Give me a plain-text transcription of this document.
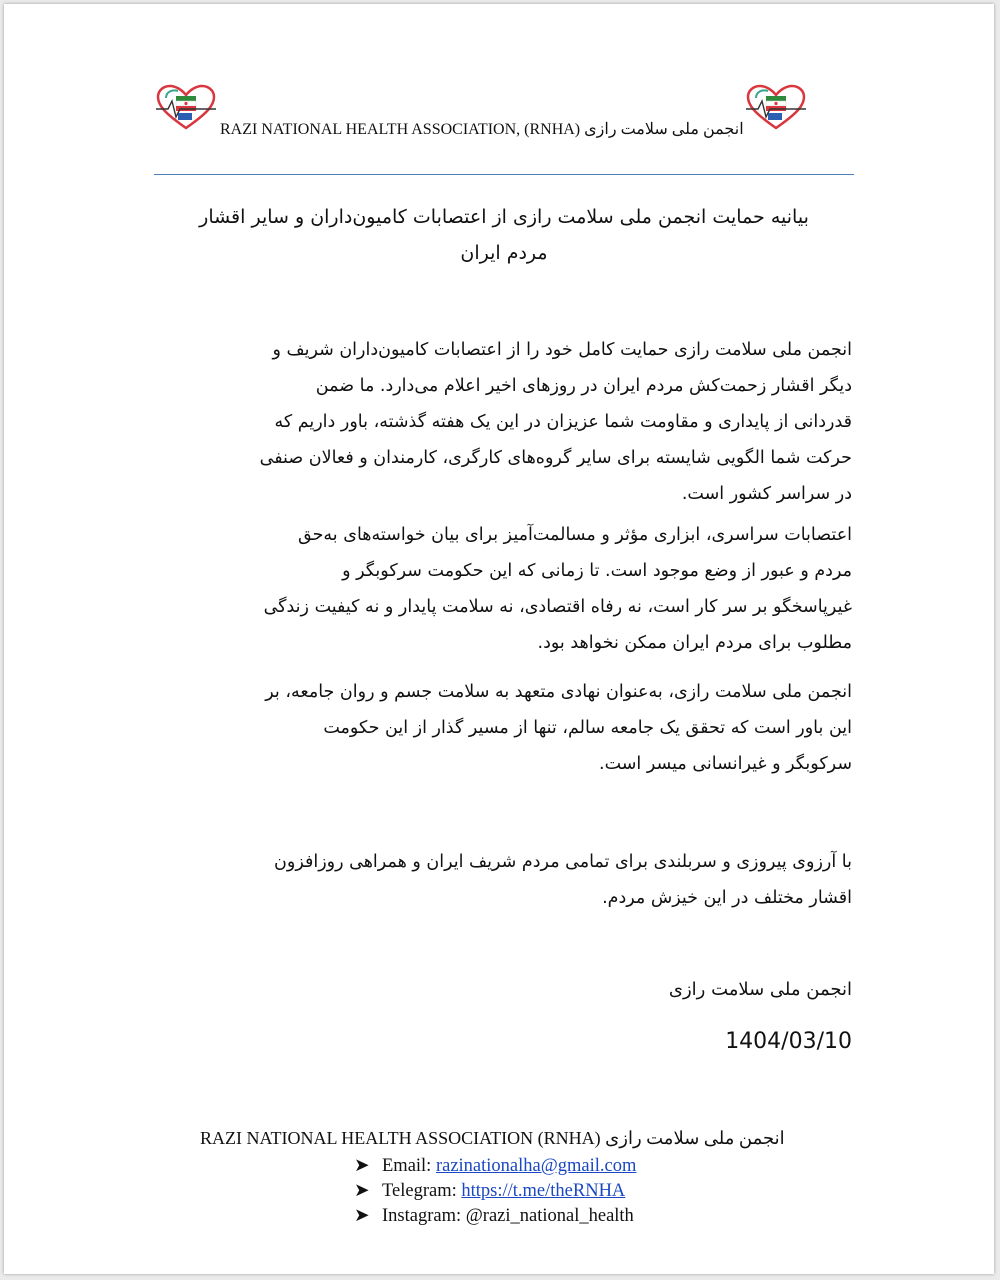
RAZI NATIONAL HEALTH ASSOCIATION, (RNHA) انجمن ملی سلامت رازی
بیانیه حمایت انجمن ملی سلامت رازی از اعتصابات کامیون‌داران و سایر اقشار
مردم ایران
انجمن ملی سلامت رازی حمایت کامل خود را از اعتصابات کامیون‌داران شریف و
دیگر اقشار زحمت‌کش مردم ایران در روزهای اخیر اعلام می‌دارد. ما ضمن
قدردانی از پایداری و مقاومت شما عزیزان در این یک هفته گذشته، باور داریم که
حرکت شما الگویی شایسته برای سایر گروه‌های کارگری، کارمندان و فعالان صنفی
در سراسر کشور است.
اعتصابات سراسری، ابزاری مؤثر و مسالمت‌آمیز برای بیان خواسته‌های به‌حق
مردم و عبور از وضع موجود است. تا زمانی که این حکومت سرکوبگر و
غیرپاسخگو بر سر کار است، نه رفاه اقتصادی، نه سلامت پایدار و نه کیفیت زندگی
مطلوب برای مردم ایران ممکن نخواهد بود.
انجمن ملی سلامت رازی، به‌عنوان نهادی متعهد به سلامت جسم و روان جامعه، بر
این باور است که تحقق یک جامعه سالم، تنها از مسیر گذار از این حکومت
سرکوبگر و غیرانسانی میسر است.
با آرزوی پیروزی و سربلندی برای تمامی مردم شریف ایران و همراهی روزافزون
اقشار مختلف در این خیزش مردم.
انجمن ملی سلامت رازی
1404/03/10
RAZI NATIONAL HEALTH ASSOCIATION (RNHA) انجمن ملی سلامت رازی
➤ Email: razinationalha@gmail.com
➤ Telegram: https://t.me/theRNHA
➤ Instagram: @razi_national_health
